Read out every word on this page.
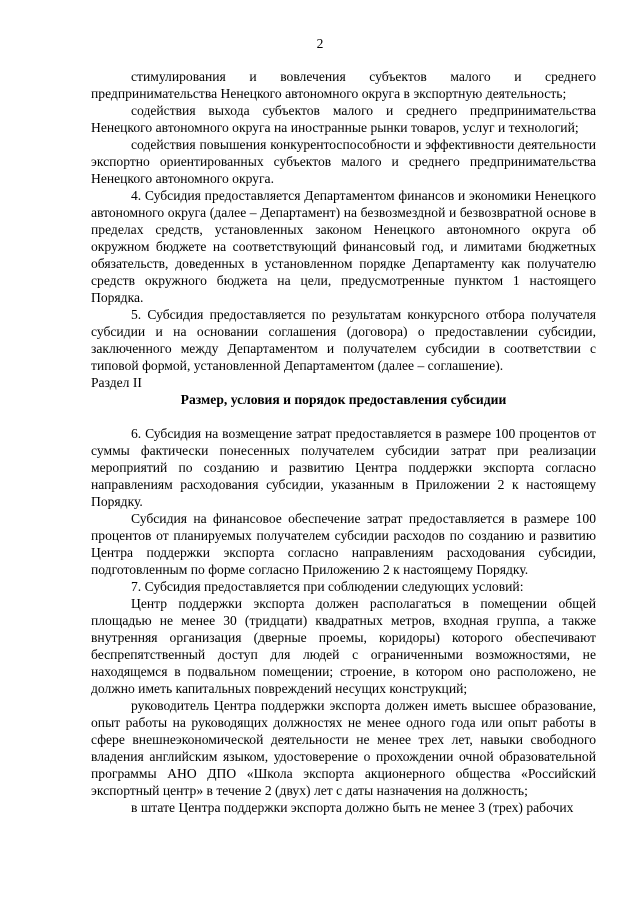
2

стимулирования и вовлечения субъектов малого и среднего предпринимательства Ненецкого автономного округа в экспортную деятельность;

содействия выхода субъектов малого и среднего предпринимательства Ненецкого автономного округа на иностранные рынки товаров, услуг и технологий;

содействия повышения конкурентоспособности и эффективности деятельности экспортно ориентированных субъектов малого и среднего предпринимательства Ненецкого автономного округа.

4. Субсидия предоставляется Департаментом финансов и экономики Ненецкого автономного округа (далее – Департамент) на безвозмездной и безвозвратной основе в пределах средств, установленных законом Ненецкого автономного округа об окружном бюджете на соответствующий финансовый год, и лимитами бюджетных обязательств, доведенных в установленном порядке Департаменту как получателю средств окружного бюджета на цели, предусмотренные пунктом 1 настоящего Порядка.

5. Субсидия предоставляется по результатам конкурсного отбора получателя субсидии и на основании соглашения (договора) о предоставлении субсидии, заключенного между Департаментом и получателем субсидии в соответствии с типовой формой, установленной Департаментом (далее – соглашение).

Раздел II

Размер, условия и порядок предоставления субсидии

6. Субсидия на возмещение затрат предоставляется в размере 100 процентов от суммы фактически понесенных получателем субсидии затрат при реализации мероприятий по созданию и развитию Центра поддержки экспорта согласно направлениям расходования субсидии, указанным в Приложении 2 к настоящему Порядку.

Субсидия на финансовое обеспечение затрат предоставляется в размере 100 процентов от планируемых получателем субсидии расходов по созданию и развитию Центра поддержки экспорта согласно направлениям расходования субсидии, подготовленным по форме согласно Приложению 2 к настоящему Порядку.

7. Субсидия предоставляется при соблюдении следующих условий:

Центр поддержки экспорта должен располагаться в помещении общей площадью не менее 30 (тридцати) квадратных метров, входная группа, а также внутренняя организация (дверные проемы, коридоры) которого обеспечивают беспрепятственный доступ для людей с ограниченными возможностями, не находящемся в подвальном помещении; строение, в котором оно расположено, не должно иметь капитальных повреждений несущих конструкций;

руководитель Центра поддержки экспорта должен иметь высшее образование, опыт работы на руководящих должностях не менее одного года или опыт работы в сфере внешнеэкономической деятельности не менее трех лет, навыки свободного владения английским языком, удостоверение о прохождении очной образовательной программы АНО ДПО «Школа экспорта акционерного общества «Российский экспортный центр» в течение 2 (двух) лет с даты назначения на должность;

в штате Центра поддержки экспорта должно быть не менее 3 (трех) рабочих
